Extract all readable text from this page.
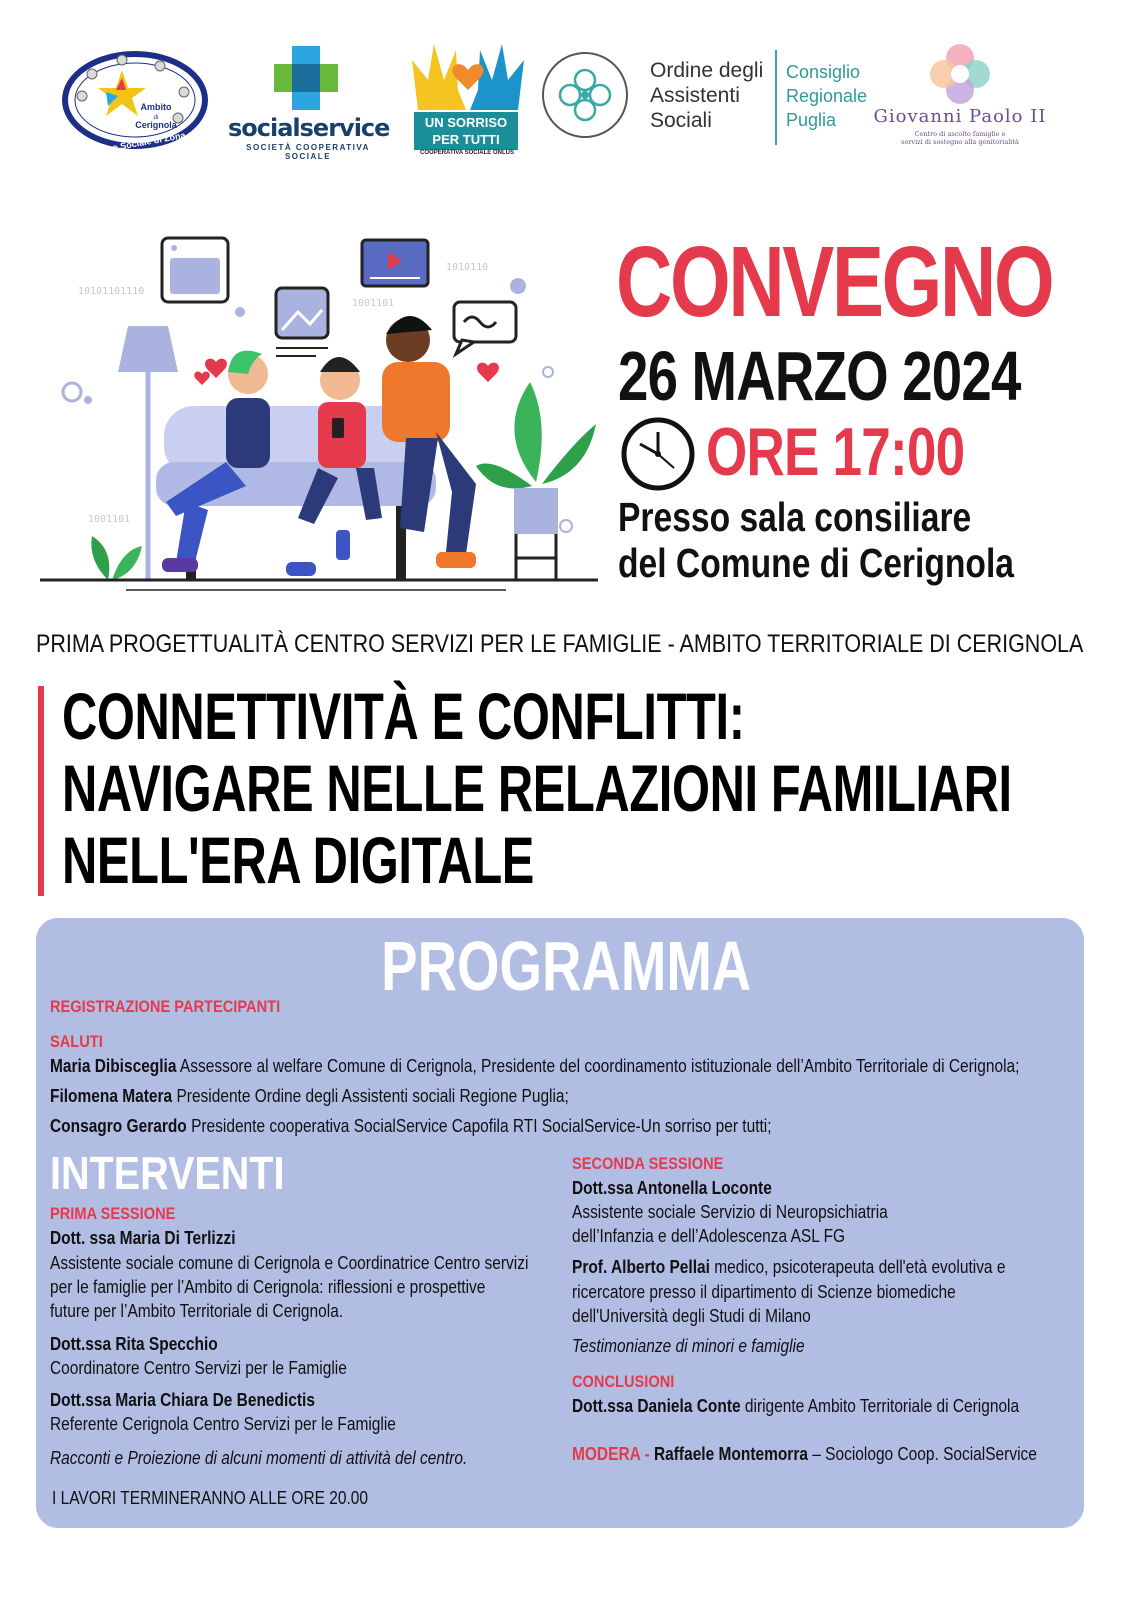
Ambito
di
Cerignola
Piano Sociale di Zona
socialservice
SOCIETÀ COOPERATIVA SOCIALE
UN SORRISO
PER TUTTI
COOPERATIVA SOCIALE ONLUS
Ordine degli
Assistenti
Sociali
Consiglio
Regionale
Puglia	Giovanni Paolo II
Centro di ascolto famiglie e
servizi di sostegno alla genitorialità
10101101110
1001101
1010110
1001101
CONVEGNO
26 MARZO 2024
ORE 17:00
Presso sala consiliare
del Comune di Cerignola
PRIMA PROGETTUALITÀ CENTRO SERVIZI PER LE FAMIGLIE - AMBITO TERRITORIALE DI CERIGNOLA
CONNETTIVITÀ E CONFLITTI:
NAVIGARE NELLE RELAZIONI FAMILIARI
NELL'ERA DIGITALE
PROGRAMMA
REGISTRAZIONE PARTECIPANTI
SALUTI
Maria Dibisceglia Assessore al welfare Comune di Cerignola, Presidente del coordinamento istituzionale dell’Ambito Territoriale di Cerignola;
Filomena Matera Presidente Ordine degli Assistenti sociali Regione Puglia;
Consagro Gerardo Presidente cooperativa SocialService Capofila RTI SocialService-Un sorriso per tutti;
INTERVENTI
PRIMA SESSIONE
Dott. ssa Maria Di Terlizzi
Assistente sociale comune di Cerignola e Coordinatrice Centro servizi
per le famiglie per l’Ambito di Cerignola: riflessioni e prospettive
future per l’Ambito Territoriale di Cerignola.
Dott.ssa Rita Specchio
Coordinatore Centro Servizi per le Famiglie
Dott.ssa Maria Chiara De Benedictis
Referente Cerignola Centro Servizi per le Famiglie
Racconti e Proiezione di alcuni momenti di attività del centro.
I LAVORI TERMINERANNO ALLE ORE 20.00
SECONDA SESSIONE
Dott.ssa Antonella Loconte
Assistente sociale Servizio di Neuropsichiatria
dell’Infanzia e dell’Adolescenza ASL FG
Prof. Alberto Pellai medico, psicoterapeuta dell'età evolutiva e
ricercatore presso il dipartimento di Scienze biomediche
dell'Università degli Studi di Milano
Testimonianze di minori e famiglie
CONCLUSIONI
Dott.ssa Daniela Conte dirigente Ambito Territoriale di Cerignola
MODERA - Raffaele Montemorra – Sociologo Coop. SocialService
